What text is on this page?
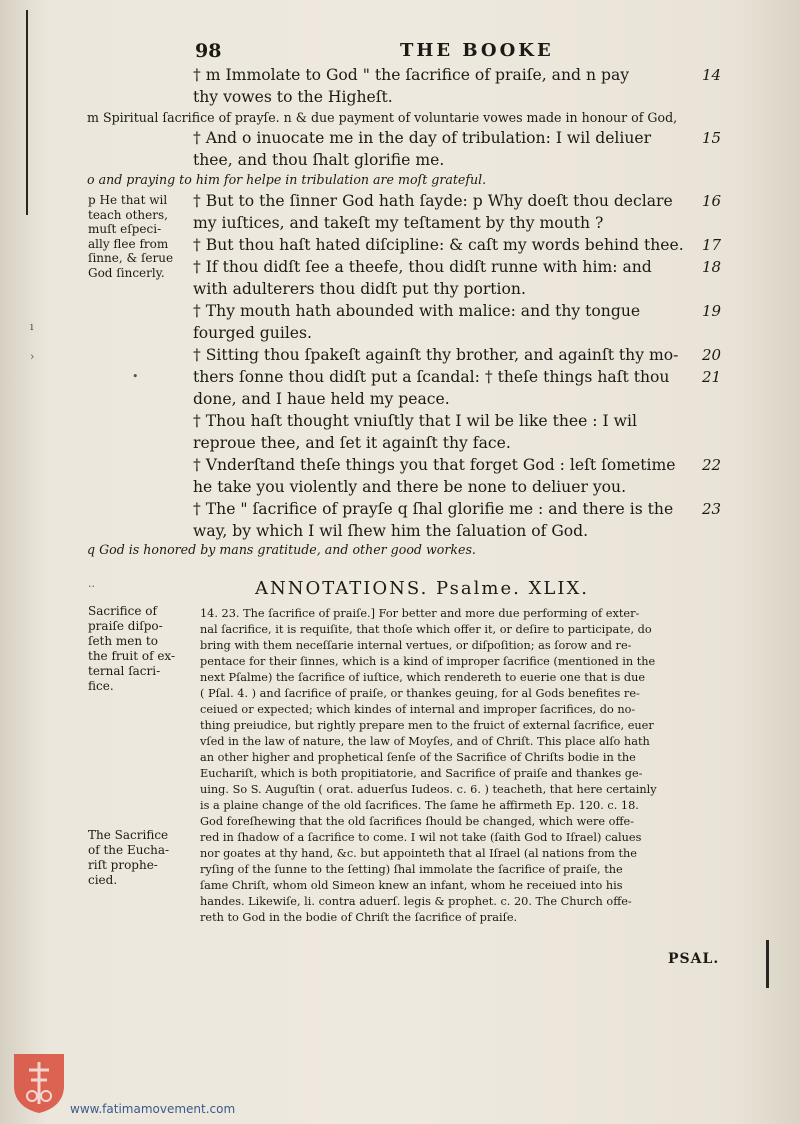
98	THE BOOKE
† m Immolate to God " the ſacrifice of praiſe, and n pay	14
thy vowes to the Higheſt.
m Spiritual ſacrifice of prayſe. n & due payment of voluntarie vowes made in honour of God,
† And o inuocate me in the day of tribulation: I wil deliuer	15
thee, and thou ſhalt glorifie me.
o and praying to him for helpe in tribulation are moſt grateful.
p He that wil
teach others,
muſt eſpeci-
ally flee from
ſinne, & ſerue
God ſincerly.
† But to the ſinner God hath ſayde: p Why doeſt thou declare 16
my iuſtices, and takeſt my teſtament by thy mouth ?
† But thou haſt hated diſcipline: & caſt my words behind thee. 17
† If thou didſt ſee a theefe, thou didſt runne with him: and	18
with adulterers thou didſt put thy portion.
† Thy mouth hath abounded with malice: and thy tongue	19
fourged guiles.
† Sitting thou ſpakeſt againſt thy brother, and againſt thy mo- 20
thers ſonne thou didſt put a ſcandal: † theſe things haſt thou 21
done, and I haue held my peace.
† Thou haſt thought vniuſtly that I wil be like thee : I wil
reproue thee, and ſet it againſt thy face.
† Vnderſtand theſe things you that forget God : leſt ſometime 22
he take you violently and there be none to deliuer you.
† The " ſacrifice of prayſe q ſhal glorifie me : and there is the 23
way, by which I wil ſhew him the ſaluation of God.
q God is honored by mans gratitude, and other good workes.
ANNOTATIONS. Psalme. XLIX.
Sacrifice of
praiſe diſpo-
ſeth men to
the fruit of ex-
ternal ſacri-
fice.
The Sacrifice
of the Eucha-
riſt prophe-
cied.
14. 23. The ſacrifice of praiſe.] For better and more due performing of exter-
nal ſacrifice, it is requiſite, that thoſe which offer it, or deſire to participate, do
bring with them neceſſarie internal vertues, or diſpoſition; as ſorow and re-
pentace for their ſinnes, which is a kind of improper ſacrifice (mentioned in the
next Pſalme) the ſacrifice of iuſtice, which rendereth to euerie one that is due
( Pſal. 4. ) and ſacrifice of praiſe, or thankes geuing, for al Gods benefites re-
ceiued or expected; which kindes of internal and improper ſacrifices, do no-
thing preiudice, but rightly prepare men to the fruict of external ſacrifice, euer
vſed in the law of nature, the law of Moyſes, and of Chriſt. This place alſo hath
an other higher and prophetical ſenſe of the Sacrifice of Chriſts bodie in the
Euchariſt, which is both propitiatorie, and Sacrifice of praiſe and thankes ge-
uing. So S. Auguſtin ( orat. aduerſus Iudeos. c. 6. ) teacheth, that here certainly
is a plaine change of the old ſacrifices. The ſame he affirmeth Ep. 120. c. 18.
God foreſhewing that the old ſacrifices ſhould be changed, which were offe-
red in ſhadow of a ſacrifice to come. I wil not take (ſaith God to Iſrael) calues
nor goates at thy hand, &c. but appointeth that al Iſrael (al nations from the
ryſing of the ſunne to the ſetting) ſhal immolate the ſacrifice of praiſe, the
ſame Chriſt, whom old Simeon knew an infant, whom he receiued into his
handes. Likewiſe, li. contra aduerſ. legis & prophet. c. 20. The Church offe-
reth to God in the bodie of Chriſt the ſacrifice of praiſe.
PSAL.
ı
›
•
··
www.fatimamovement.com
